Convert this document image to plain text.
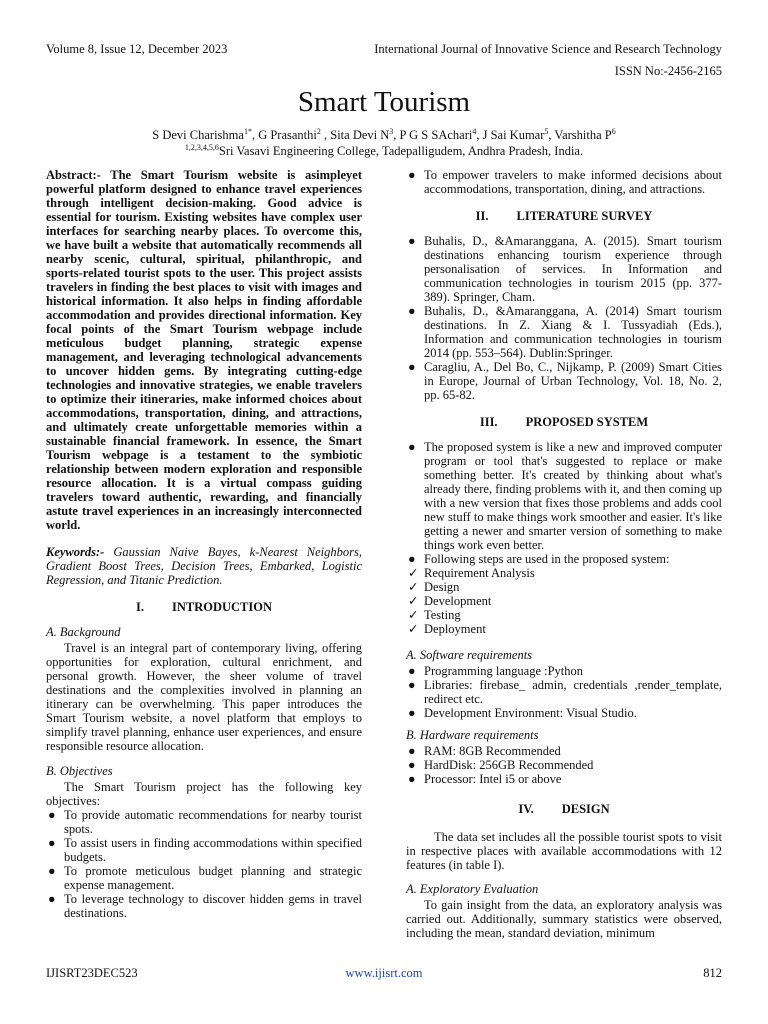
Volume 8, Issue 12, December 2023	International Journal of Innovative Science and Research Technology
ISSN No:-2456-2165
Smart Tourism
S Devi Charishma$^{1*}$, G Prasanthi$^2$ , Sita Devi $N^3$, P G S SAchari$^4$, J Sai Kumar$^5$, Varshitha $P^6$
$^{1,2,3,4,5,6}$Sri Vasavi Engineering College, Tadepalligudem, Andhra Pradesh, India.

Abstract:- The Smart Tourism website is asimpleyet powerful platform designed to enhance travel experiences through intelligent decision-making. Good advice is essential for tourism. Existing websites have complex user interfaces for searching nearby places. To overcome this, we have built a website that automatically recommends all nearby scenic, cultural, spiritual, philanthropic, and sports-related tourist spots to the user. This project assists travelers in finding the best places to visit with images and historical information. It also helps in finding affordable accommodation and provides directional information. Key focal points of the Smart Tourism webpage include meticulous budget planning, strategic expense management, and leveraging technological advancements to uncover hidden gems. By integrating cutting-edge technologies and innovative strategies, we enable travelers to optimize their itineraries, make informed choices about accommodations, transportation, dining, and attractions, and ultimately create unforgettable memories within a sustainable financial framework. In essence, the Smart Tourism webpage is a testament to the symbiotic relationship between modern exploration and responsible resource allocation. It is a virtual compass guiding travelers toward authentic, rewarding, and financially astute travel experiences in an increasingly interconnected world.

Keywords:- Gaussian Naive Bayes, k-Nearest Neighbors, Gradient Boost Trees, Decision Trees, Embarked, Logistic Regression, and Titanic Prediction.

I. INTRODUCTION
A. Background

Travel is an integral part of contemporary living, offering opportunities for exploration, cultural enrichment, and personal growth. However, the sheer volume of travel destinations and the complexities involved in planning an itinerary can be overwhelming. This paper introduces the Smart Tourism website, a novel platform that employs to simplify travel planning, enhance user experiences, and ensure responsible resource allocation.

B. Objectives

The Smart Tourism project has the following key objectives:

● To provide automatic recommendations for nearby tourist spots.
● To assist users in finding accommodations within specified budgets.
● To promote meticulous budget planning and strategic expense management.
● To leverage technology to discover hidden gems in travel destinations.
● To empower travelers to make informed decisions about accommodations, transportation, dining, and attractions.
II. LITERATURE SURVEY
● Buhalis, D., &Amaranggana, A. (2015). Smart tourism destinations enhancing tourism experience through personalisation of services. In Information and communication technologies in tourism 2015 (pp. 377-389). Springer, Cham.
● Buhalis, D., &Amaranggana, A. (2014) Smart tourism destinations. In Z. Xiang & I. Tussyadiah (Eds.), Information and communication technologies in tourism 2014 (pp. 553–564). Dublin:Springer.
● Caragliu, A., Del Bo, C., Nijkamp, P. (2009) Smart Cities in Europe, Journal of Urban Technology, Vol. 18, No. 2, pp. 65-82.
III. PROPOSED SYSTEM
● The proposed system is like a new and improved computer program or tool that's suggested to replace or make something better. It's created by thinking about what's already there, finding problems with it, and then coming up with a new version that fixes those problems and adds cool new stuff to make things work smoother and easier. It's like getting a newer and smarter version of something to make things work even better.
● Following steps are used in the proposed system:
✓ Requirement Analysis
✓ Design
✓ Development
✓ Testing
✓ Deployment
A. Software requirements
● Programming language :Python
● Libraries: firebase_ admin, credentials ,render_template, redirect etc.
● Development Environment: Visual Studio.
B. Hardware requirements
● RAM: 8GB Recommended
● HardDisk: 256GB Recommended
● Processor: Intel i5 or above
IV. DESIGN

The data set includes all the possible tourist spots to visit in respective places with available accommodations with 12 features (in table I).

A. Exploratory Evaluation

To gain insight from the data, an exploratory analysis was carried out. Additionally, summary statistics were observed, including the mean, standard deviation, minimum

IJISRT23DEC523	www.ijisrt.com	812
